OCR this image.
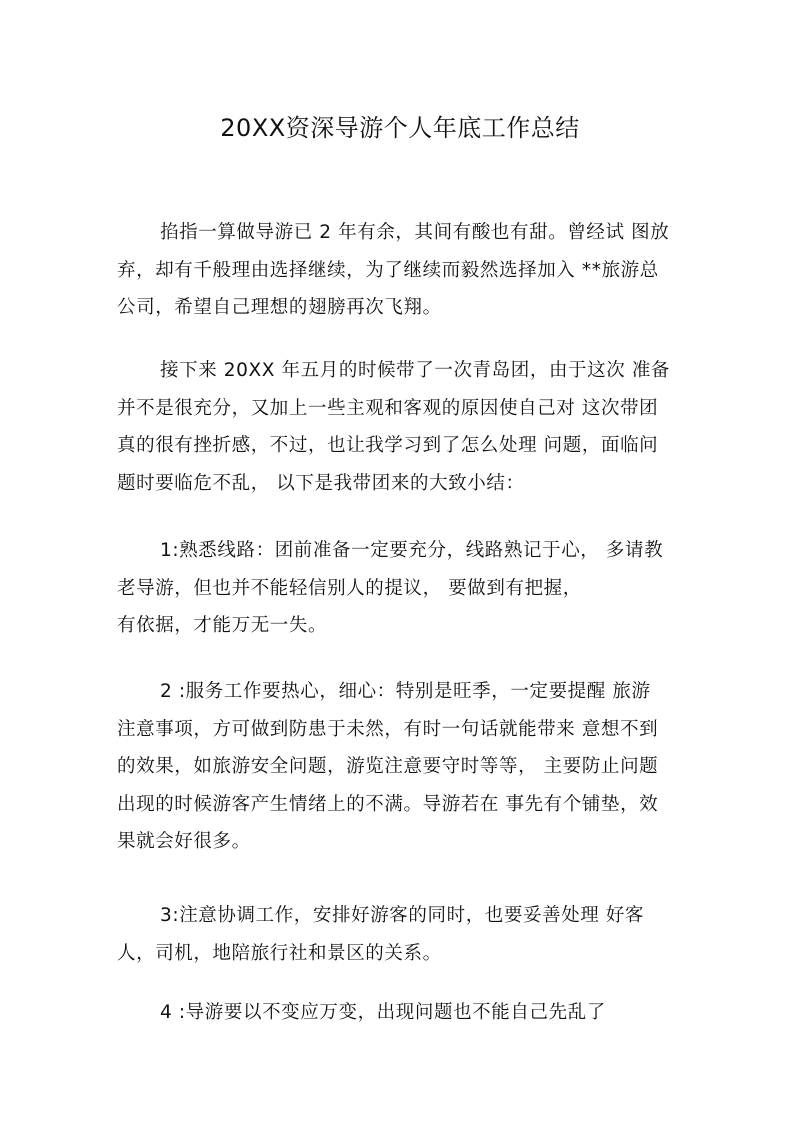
20XX资深导游个人年底工作总结
掐指一算做导游已 2 年有余，其间有酸也有甜。曾经试 图放
弃，却有千般理由选择继续，为了继续而毅然选择加入 **旅游总
公司，希望自己理想的翅膀再次飞翔。
接下来 20XX 年五月的时候带了一次青岛团，由于这次 准备
并不是很充分，又加上一些主观和客观的原因使自己对 这次带团
真的很有挫折感，不过，也让我学习到了怎么处理 问题，面临问
题时要临危不乱， 以下是我带团来的大致小结：
1:熟悉线路：团前准备一定要充分，线路熟记于心， 多请教
老导游，但也并不能轻信别人的提议， 要做到有把握，
有依据，才能万无一失。
2 :服务工作要热心，细心：特别是旺季，一定要提醒 旅游
注意事项，方可做到防患于未然，有时一句话就能带来 意想不到
的效果，如旅游安全问题，游览注意要守时等等， 主要防止问题
出现的时候游客产生情绪上的不满。导游若在 事先有个铺垫，效
果就会好很多。
3:注意协调工作，安排好游客的同时，也要妥善处理 好客
人，司机，地陪旅行社和景区的关系。
4 :导游要以不变应万变，出现问题也不能自己先乱了
